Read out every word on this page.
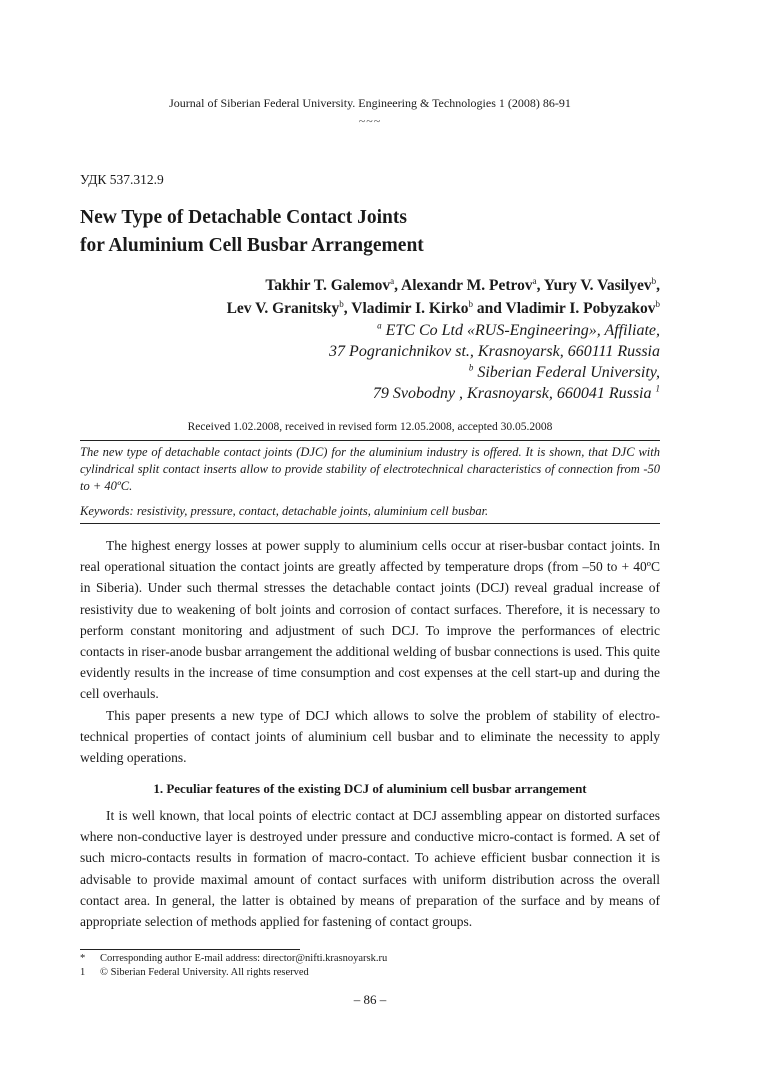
Journal of Siberian Federal University. Engineering & Technologies 1 (2008) 86-91
~~~
УДК 537.312.9
New Type of Detachable Contact Joints
for Aluminium Cell Busbar Arrangement
Takhir T. Galemov$^a$, Alexandr M. Petrov$^a$, Yury V. Vasilyev$^b$,
Lev V. Granitsky$^b$, Vladimir I. Kirko$^b$ and Vladimir I. Pobyzakov$^b$
$^a$ ETC Co Ltd «RUS-Engineering», Affiliate,
37 Pogranichnikov st., Krasnoyarsk, 660111 Russia
$^b$ Siberian Federal University,
79 Svobodny , Krasnoyarsk, 660041 Russia $^1$
Received 1.02.2008, received in revised form 12.05.2008, accepted 30.05.2008
The new type of detachable contact joints (DJC) for the aluminium industry is offered. It is shown, that DJC with cylindrical split contact inserts allow to provide stability of electrotechnical characteristics of connection from -50 to + 40ºC.
Keywords: resistivity, pressure, contact, detachable joints, aluminium cell busbar.

The highest energy losses at power supply to aluminium cells occur at riser-busbar contact joints. In real operational situation the contact joints are greatly affected by temperature drops (from –50 to + 40ºC in Siberia). Under such thermal stresses the detachable contact joints (DCJ) reveal gradual increase of resistivity due to weakening of bolt joints and corrosion of contact surfaces. Therefore, it is necessary to perform constant monitoring and adjustment of such DCJ. To improve the performances of electric contacts in riser-anode busbar arrangement the additional welding of busbar connections is used. This quite evidently results in the increase of time consumption and cost expenses at the cell start-up and during the cell overhauls.

This paper presents a new type of DCJ which allows to solve the problem of stability of electro-technical properties of contact joints of aluminium cell busbar and to eliminate the necessity to apply welding operations.

1. Peculiar features of the existing DCJ of aluminium cell busbar arrangement

It is well known, that local points of electric contact at DCJ assembling appear on distorted surfaces where non-conductive layer is destroyed under pressure and conductive micro-contact is formed. A set of such micro-contacts results in formation of macro-contact. To achieve efficient busbar connection it is advisable to provide maximal amount of contact surfaces with uniform distribution across the overall contact area. In general, the latter is obtained by means of preparation of the surface and by means of appropriate selection of methods applied for fastening of contact groups.

*	Corresponding author E-mail address: director@nifti.krasnoyarsk.ru
1	© Siberian Federal University. All rights reserved
– 86 –
